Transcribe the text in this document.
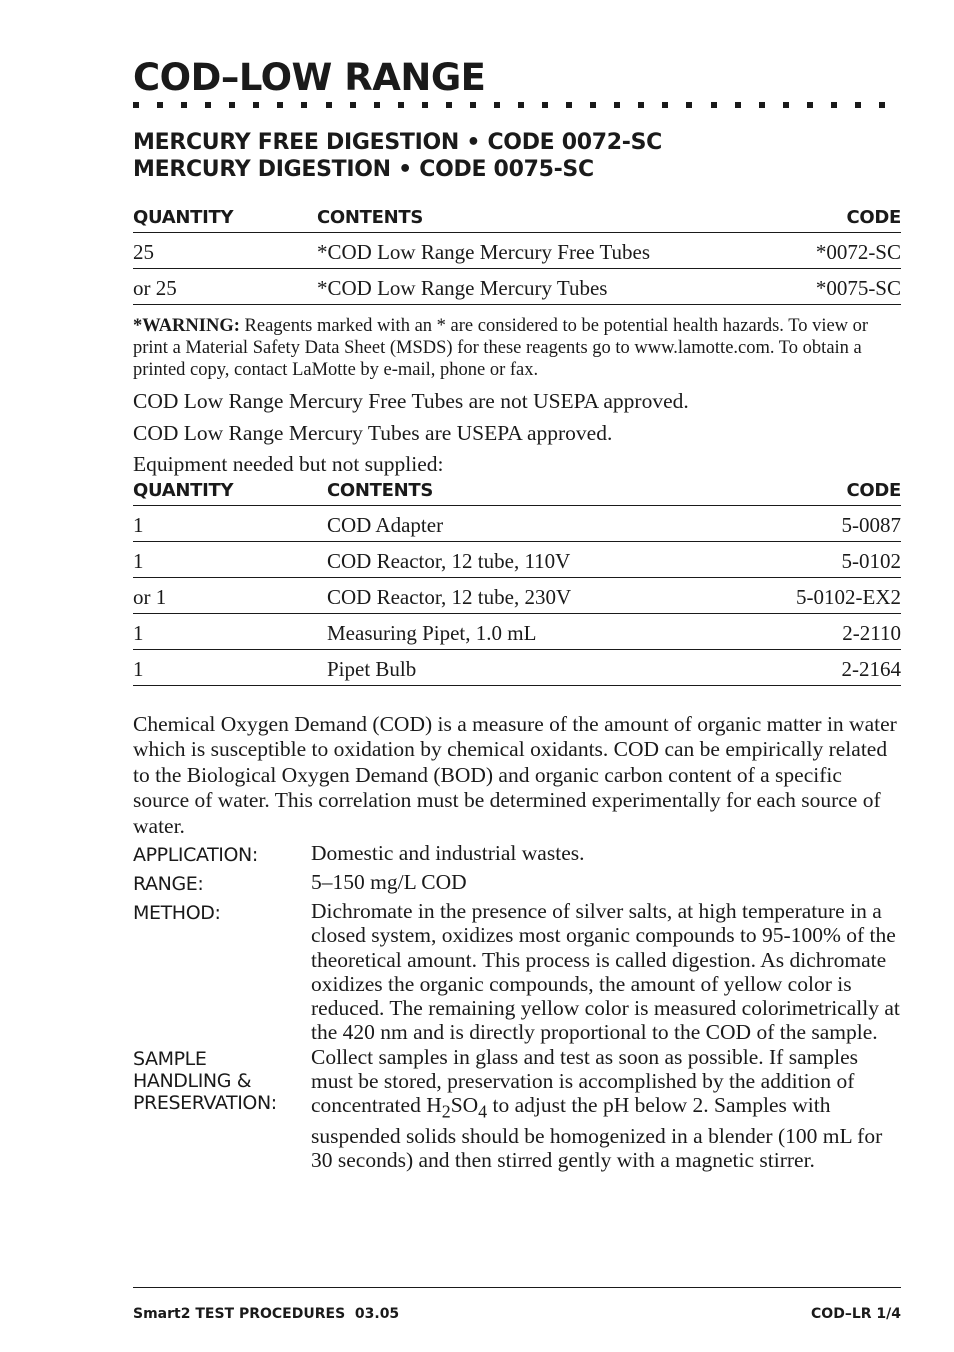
COD–LOW RANGE
MERCURY FREE DIGESTION • CODE 0072-SC
MERCURY DIGESTION • CODE 0075-SC
QUANTITY	CONTENTS	CODE
25	*COD Low Range Mercury Free Tubes	*0072-SC
or 25	*COD Low Range Mercury Tubes	*0075-SC
*WARNING: Reagents marked with an * are considered to be potential health hazards. To view or print a Material Safety Data Sheet (MSDS) for these reagents go to www.lamotte.com. To obtain a printed copy, contact LaMotte by e-mail, phone or fax.

COD Low Range Mercury Free Tubes are not USEPA approved.

COD Low Range Mercury Tubes are USEPA approved.

Equipment needed but not supplied:

QUANTITY	CONTENTS	CODE
1	COD Adapter	5-0087
1	COD Reactor, 12 tube, 110V	5-0102
or 1	COD Reactor, 12 tube, 230V	5-0102-EX2
1	Measuring Pipet, 1.0 mL	2-2110
1	Pipet Bulb	2-2164

Chemical Oxygen Demand (COD) is a measure of the amount of organic matter in water which is susceptible to oxidation by chemical oxidants. COD can be empirically related to the Biological Oxygen Demand (BOD) and organic carbon content of a specific source of water. This correlation must be determined experimentally for each source of water.

APPLICATION:	Domestic and industrial wastes.
RANGE:	5–150 mg/L COD
METHOD:	Dichromate in the presence of silver salts, at high temperature in a closed system, oxidizes most organic compounds to 95-100% of the theoretical amount. This process is called digestion. As dichromate oxidizes the organic compounds, the amount of yellow color is reduced. The remaining yellow color is measured colorimetrically at the 420 nm and is directly proportional to the COD of the sample.
SAMPLE
HANDLING &
PRESERVATION:
Collect samples in glass and test as soon as possible. If samples must be stored, preservation is accomplished by the addition of concentrated $H_2SO_4$ to adjust the pH below 2. Samples with suspended solids should be homogenized in a blender (100 mL for 30 seconds) and then stirred gently with a magnetic stirrer.
Smart2 TEST PROCEDURES  03.05	COD–LR 1/4
